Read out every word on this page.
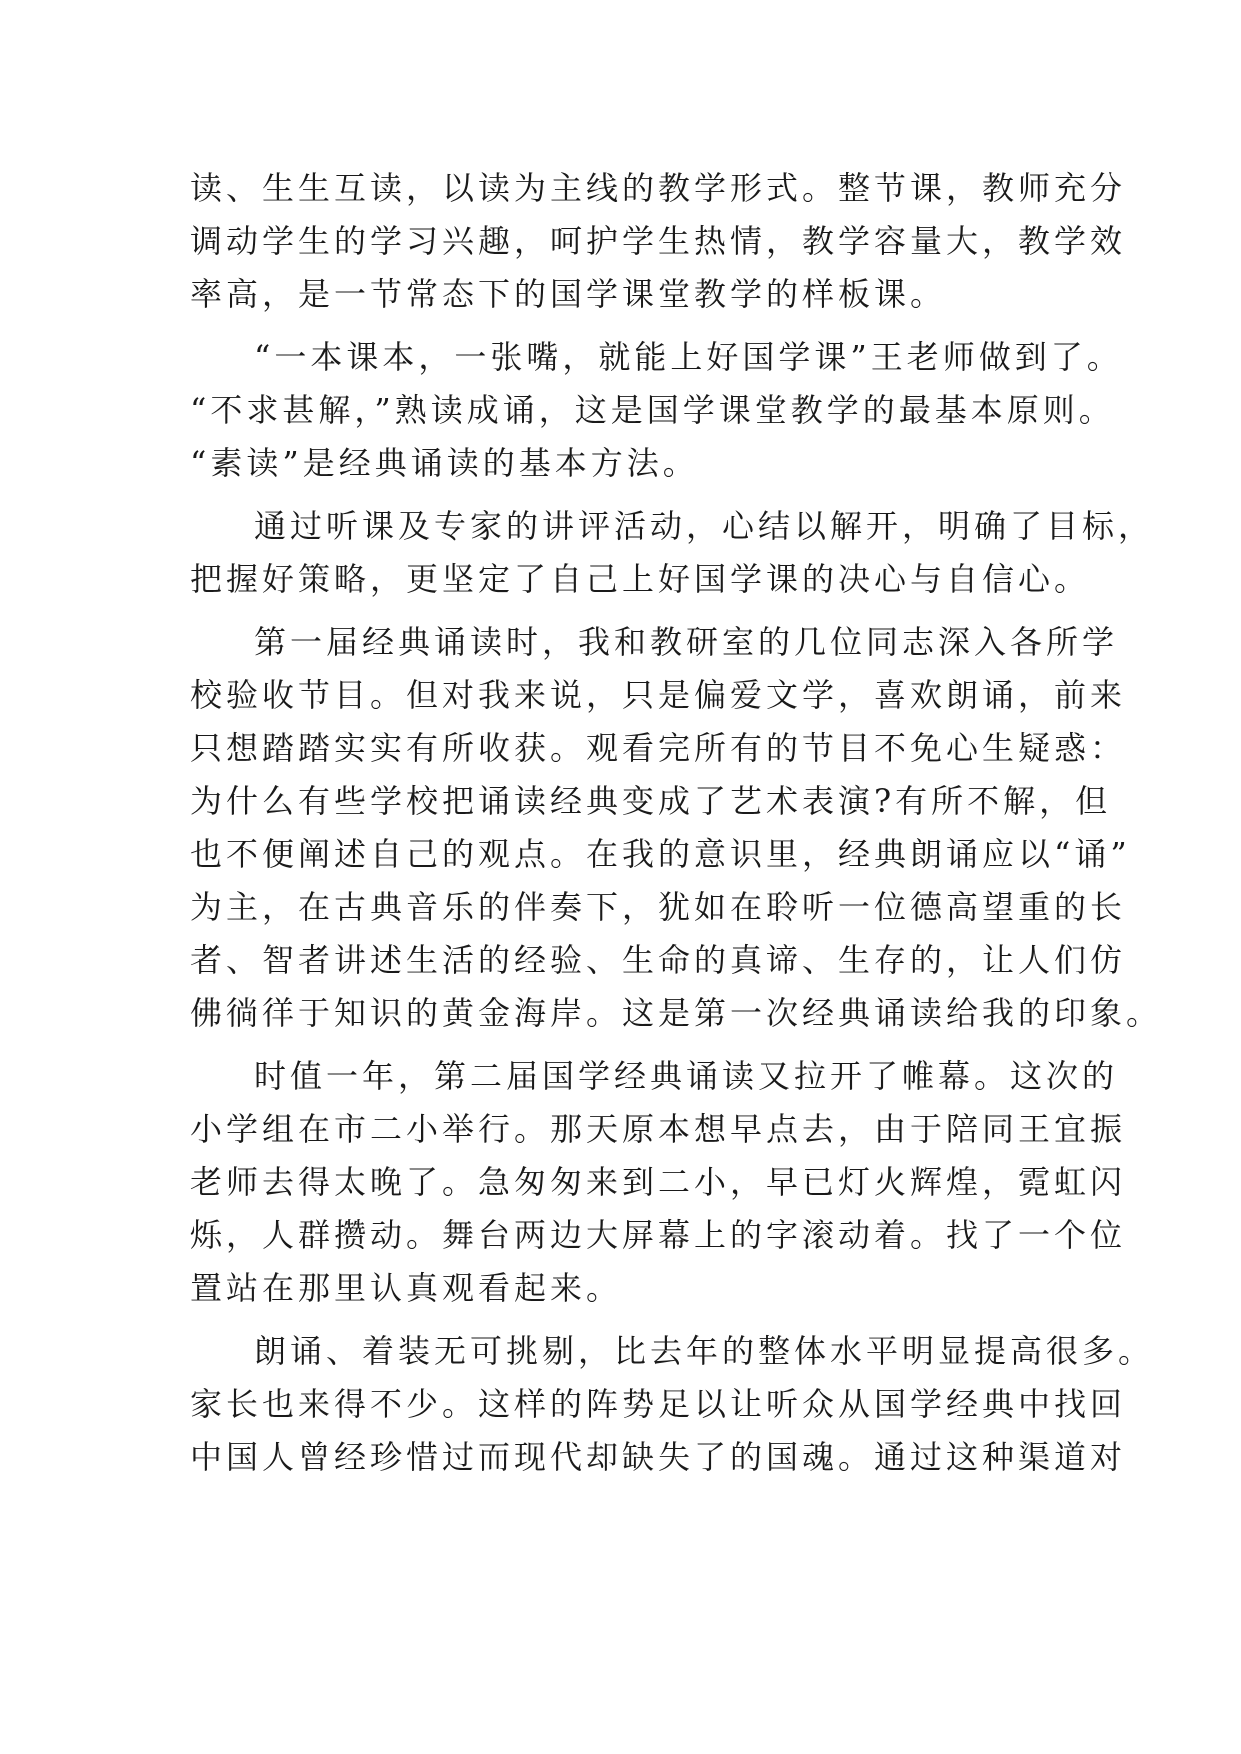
读、生生互读，以读为主线的教学形式。整节课，教师充分
调动学生的学习兴趣，呵护学生热情，教学容量大，教学效
率高，是一节常态下的国学课堂教学的样板课。
“一本课本，一张嘴，就能上好国学课”王老师做到了。
“不求甚解，”熟读成诵，这是国学课堂教学的最基本原则。
“素读”是经典诵读的基本方法。
通过听课及专家的讲评活动，心结以解开，明确了目标，
把握好策略，更坚定了自己上好国学课的决心与自信心。
第一届经典诵读时，我和教研室的几位同志深入各所学
校验收节目。但对我来说，只是偏爱文学，喜欢朗诵，前来
只想踏踏实实有所收获。观看完所有的节目不免心生疑惑：
为什么有些学校把诵读经典变成了艺术表演?有所不解，但
也不便阐述自己的观点。在我的意识里，经典朗诵应以“诵”
为主，在古典音乐的伴奏下，犹如在聆听一位德高望重的长
者、智者讲述生活的经验、生命的真谛、生存的，让人们仿
佛徜徉于知识的黄金海岸。这是第一次经典诵读给我的印象。
时值一年，第二届国学经典诵读又拉开了帷幕。这次的
小学组在市二小举行。那天原本想早点去，由于陪同王宜振
老师去得太晚了。急匆匆来到二小，早已灯火辉煌，霓虹闪
烁，人群攒动。舞台两边大屏幕上的字滚动着。找了一个位
置站在那里认真观看起来。
朗诵、着装无可挑剔，比去年的整体水平明显提高很多。
家长也来得不少。这样的阵势足以让听众从国学经典中找回
中国人曾经珍惜过而现代却缺失了的国魂。通过这种渠道对
